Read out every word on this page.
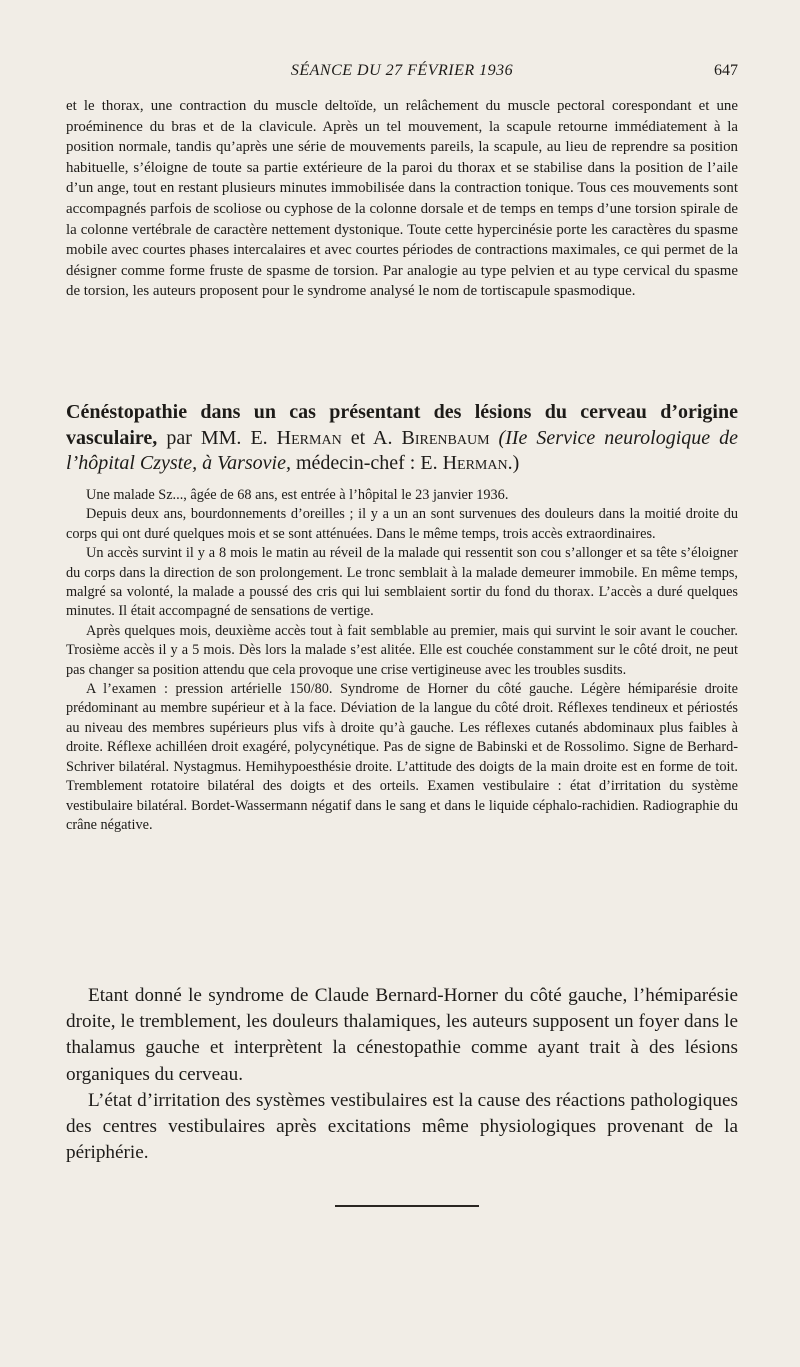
SÉANCE DU 27 FÉVRIER 1936	647

et le thorax, une contraction du muscle deltoïde, un relâchement du muscle pectoral corespondant et une proéminence du bras et de la clavicule. Après un tel mouvement, la scapule retourne immédiatement à la position normale, tandis qu’après une série de mouvements pareils, la scapule, au lieu de reprendre sa position habituelle, s’éloigne de toute sa partie extérieure de la paroi du thorax et se stabilise dans la position de l’aile d’un ange, tout en restant plusieurs minutes immobilisée dans la contraction tonique. Tous ces mouvements sont accompagnés parfois de scoliose ou cyphose de la colonne dorsale et de temps en temps d’une torsion spirale de la colonne vertébrale de caractère nettement dystonique. Toute cette hypercinésie porte les caractères du spasme mobile avec courtes phases intercalaires et avec courtes périodes de contractions maximales, ce qui permet de la désigner comme forme fruste de spasme de torsion. Par analogie au type pelvien et au type cervical du spasme de torsion, les auteurs proposent pour le syndrome analysé le nom de tortiscapule spasmodique.

Cénéstopathie dans un cas présentant des lésions du cerveau d’origine vasculaire, par MM. E. Herman et A. Birenbaum (IIe Service neurologique de l’hôpital Czyste, à Varsovie, médecin-chef : E. Herman.)

Une malade Sz..., âgée de 68 ans, est entrée à l’hôpital le 23 janvier 1936.

Depuis deux ans, bourdonnements d’oreilles ; il y a un an sont survenues des douleurs dans la moitié droite du corps qui ont duré quelques mois et se sont atténuées. Dans le même temps, trois accès extraordinaires.

Un accès survint il y a 8 mois le matin au réveil de la malade qui ressentit son cou s’allonger et sa tête s’éloigner du corps dans la direction de son prolongement. Le tronc semblait à la malade demeurer immobile. En même temps, malgré sa volonté, la malade a poussé des cris qui lui semblaient sortir du fond du thorax. L’accès a duré quelques minutes. Il était accompagné de sensations de vertige.

Après quelques mois, deuxième accès tout à fait semblable au premier, mais qui survint le soir avant le coucher. Trosième accès il y a 5 mois. Dès lors la malade s’est alitée. Elle est couchée constamment sur le côté droit, ne peut pas changer sa position attendu que cela provoque une crise vertigineuse avec les troubles susdits.

A l’examen : pression artérielle 150/80. Syndrome de Horner du côté gauche. Légère hémiparésie droite prédominant au membre supérieur et à la face. Déviation de la langue du côté droit. Réflexes tendineux et périostés au niveau des membres supérieurs plus vifs à droite qu’à gauche. Les réflexes cutanés abdominaux plus faibles à droite. Réflexe achilléen droit exagéré, polycynétique. Pas de signe de Babinski et de Rossolimo. Signe de Berhard-Schriver bilatéral. Nystagmus. Hemihypoesthésie droite. L’attitude des doigts de la main droite est en forme de toit. Tremblement rotatoire bilatéral des doigts et des orteils. Examen vestibulaire : état d’irritation du système vestibulaire bilatéral. Bordet-Wassermann négatif dans le sang et dans le liquide céphalo-rachidien. Radiographie du crâne négative.

Etant donné le syndrome de Claude Bernard-Horner du côté gauche, l’hémiparésie droite, le tremblement, les douleurs thalamiques, les auteurs supposent un foyer dans le thalamus gauche et interprètent la cénestopathie comme ayant trait à des lésions organiques du cerveau.

L’état d’irritation des systèmes vestibulaires est la cause des réactions pathologiques des centres vestibulaires après excitations même physiologiques provenant de la périphérie.
